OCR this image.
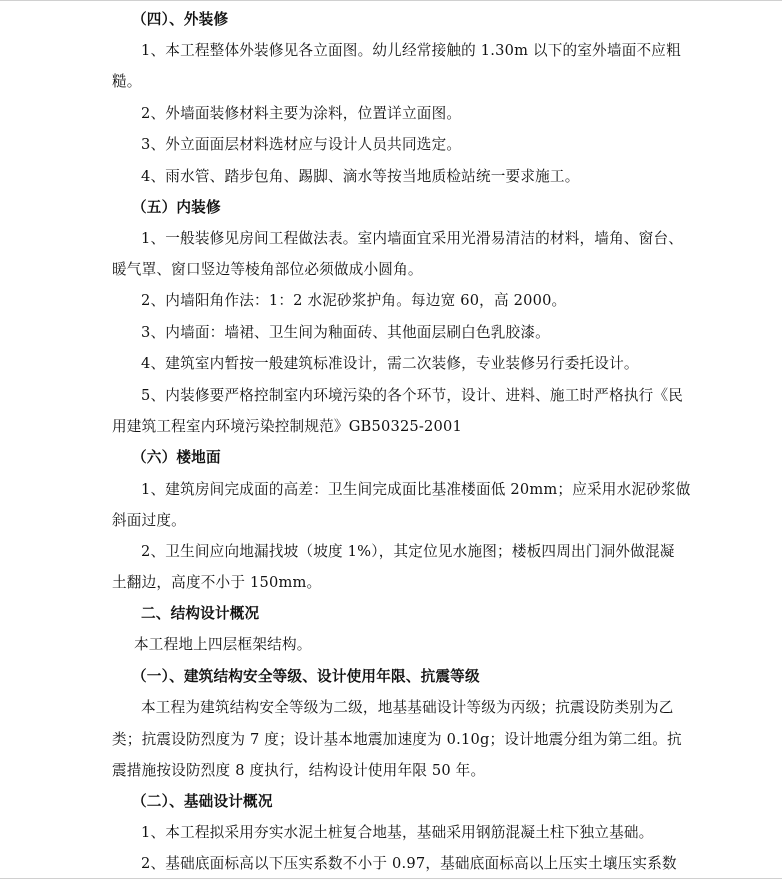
（四）、外装修
1、本工程整体外装修见各立面图。幼儿经常接触的 1.30m 以下的室外墙面不应粗
糙。
2、外墙面装修材料主要为涂料，位置详立面图。
3、外立面面层材料选材应与设计人员共同选定。
4、雨水管、踏步包角、踢脚、滴水等按当地质检站统一要求施工。
（五）内装修
1、一般装修见房间工程做法表。室内墙面宜采用光滑易清洁的材料，墙角、窗台、
暖气罩、窗口竖边等棱角部位必须做成小圆角。
2、内墙阳角作法：1：2 水泥砂浆护角。每边宽 60，高 2000。
3、内墙面：墙裙、卫生间为釉面砖、其他面层刷白色乳胶漆。
4、建筑室内暂按一般建筑标准设计，需二次装修，专业装修另行委托设计。
5、内装修要严格控制室内环境污染的各个环节，设计、进料、施工时严格执行《民
用建筑工程室内环境污染控制规范》GB50325-2001
（六）楼地面
1、建筑房间完成面的高差：卫生间完成面比基准楼面低 20mm；应采用水泥砂浆做
斜面过度。
2、卫生间应向地漏找坡（坡度 1%），其定位见水施图；楼板四周出门洞外做混凝
土翻边，高度不小于 150mm。
二、结构设计概况
本工程地上四层框架结构。
（一）、建筑结构安全等级、设计使用年限、抗震等级
本工程为建筑结构安全等级为二级，地基基础设计等级为丙级；抗震设防类别为乙
类；抗震设防烈度为 7 度；设计基本地震加速度为 0.10g；设计地震分组为第二组。抗
震措施按设防烈度 8 度执行，结构设计使用年限 50 年。
（二）、基础设计概况
1、本工程拟采用夯实水泥土桩复合地基，基础采用钢筋混凝土柱下独立基础。
2、基础底面标高以下压实系数不小于 0.97，基础底面标高以上压实土壤压实系数
